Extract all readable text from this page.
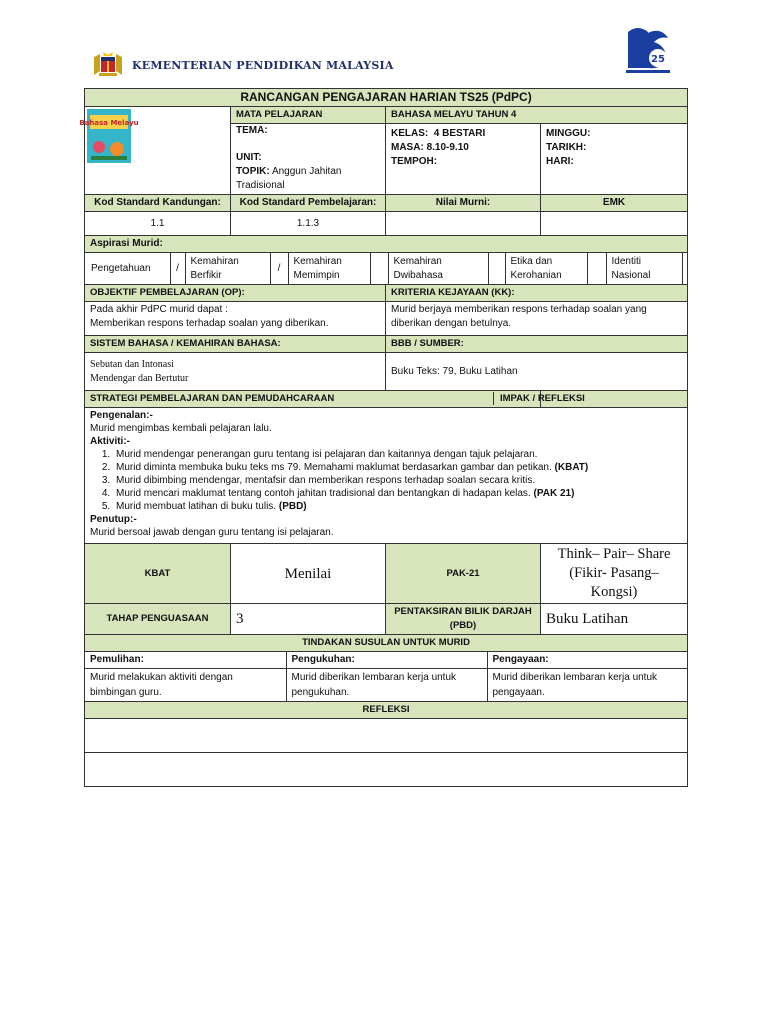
KEMENTERIAN PENDIDIKAN MALAYSIA	25
RANCANGAN PENGAJARAN HARIAN TS25 (PdPC)

Bahasa Melayu
	MATA PELAJARAN	BAHASA MELAYU TAHUN 4

TEMA:
UNIT:
TOPIK: Anggun Jahitan Tradisional

KELAS: 4 BESTARI
MASA: 8.10-9.10
TEMPOH:

MINGGU:
TARIKH:
HARI:

Kod Standard Kandungan:	Kod Standard Pembelajaran:	Nilai Murni:	EMK
1.1	1.1.3		
Aspirasi Murid:

Pengetahuan	/	Kemahiran Berfikir	/	Kemahiran Memimpin		Kemahiran Dwibahasa		Etika dan Kerohanian		Identiti Nasional	

OBJEKTIF PEMBELAJARAN (OP):	KRITERIA KEJAYAAN (KK):

Pada akhir PdPC murid dapat :
Memberikan respons terhadap soalan yang diberikan.
	Murid berjaya memberikan respons terhadap soalan yang diberikan dengan betulnya.
SISTEM BAHASA / KEMAHIRAN BAHASA:	BBB / SUMBER:

Sebutan dan Intonasi
Mendengar dan Bertutur
	Buku Teks: 79, Buku Latihan
STRATEGI PEMBELAJARAN DAN PEMUDAHCARAAN	IMPAK / REFLEKSI

Pengenalan:-
Murid mengimbas kembali pelajaran lalu.
Aktiviti:-
1. Murid mendengar penerangan guru tentang isi pelajaran dan kaitannya dengan tajuk pelajaran.
2. Murid diminta membuka buku teks ms 79. Memahami maklumat berdasarkan gambar dan petikan. (KBAT)
3. Murid dibimbing mendengar, mentafsir dan memberikan respons terhadap soalan secara kritis.
4. Murid mencari maklumat tentang contoh jahitan tradisional dan bentangkan di hadapan kelas. (PAK 21)
5. Murid membuat latihan di buku tulis. (PBD)
Penutup:-
Murid bersoal jawab dengan guru tentang isi pelajaran.

KBAT	Menilai	PAK-21	Think– Pair– Share (Fikir- Pasang– Kongsi)
TAHAP PENGUASAAN	3	PENTAKSIRAN BILIK DARJAH (PBD)	Buku Latihan
TINDAKAN SUSULAN UNTUK MURID

Pemulihan:	Pengukuhan:	Pengayaan:
Murid melakukan aktiviti dengan bimbingan guru.	Murid diberikan lembaran kerja untuk pengukuhan.	Murid diberikan lembaran kerja untuk pengayaan.

REFLEKSI
